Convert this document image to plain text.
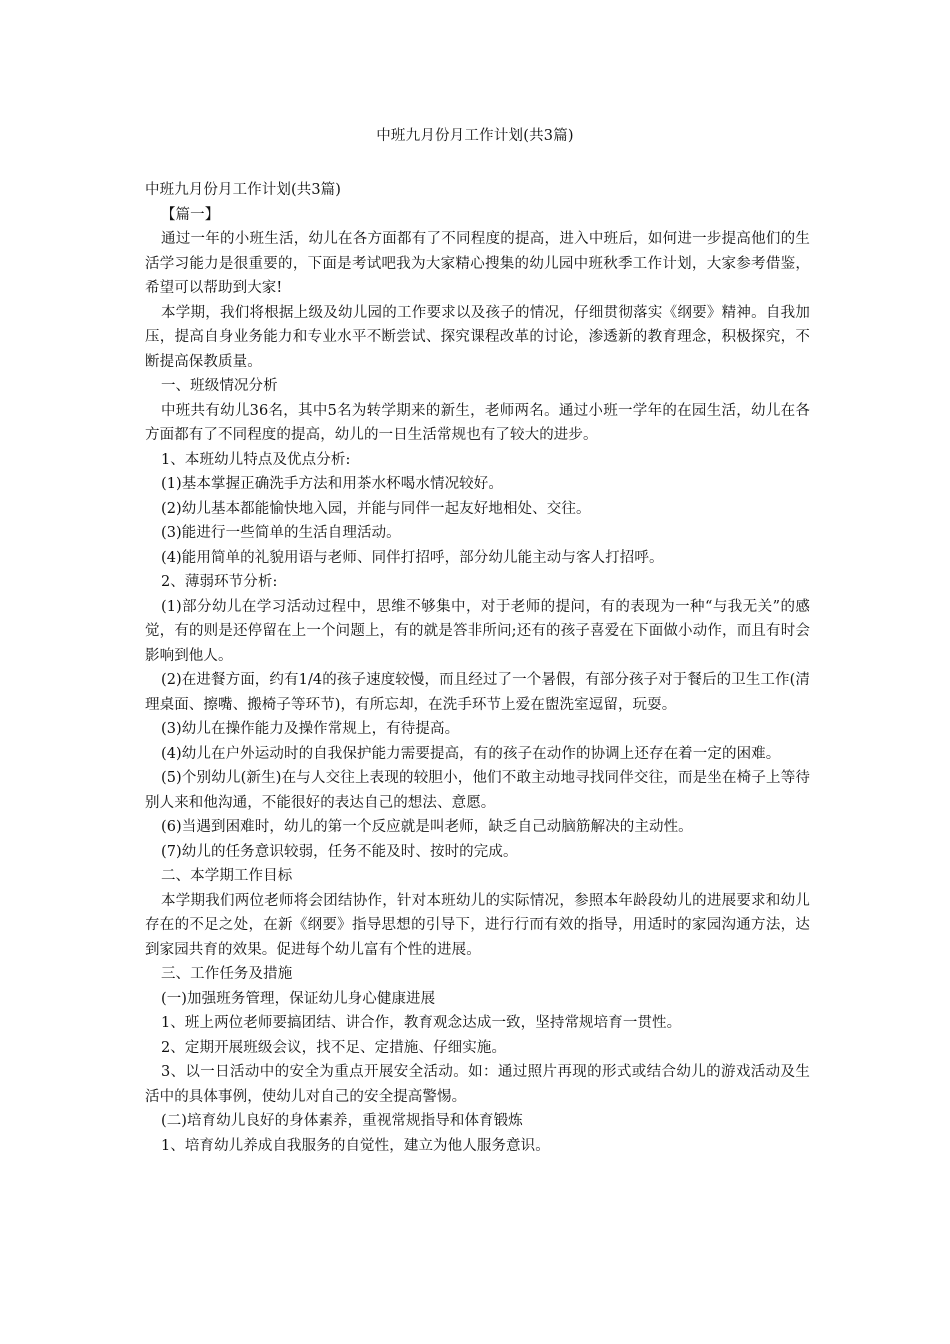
中班九月份月工作计划(共3篇)

中班九月份月工作计划(共3篇)

【篇一】

通过一年的小班生活，幼儿在各方面都有了不同程度的提高，进入中班后，如何进一步提高他们的生活学习能力是很重要的，下面是考试吧我为大家精心搜集的幼儿园中班秋季工作计划，大家参考借鉴，希望可以帮助到大家!

本学期，我们将根据上级及幼儿园的工作要求以及孩子的情况，仔细贯彻落实《纲要》精神。自我加压，提高自身业务能力和专业水平不断尝试、探究课程改革的讨论，渗透新的教育理念，积极探究，不断提高保教质量。

一、班级情况分析

中班共有幼儿36名，其中5名为转学期来的新生，老师两名。通过小班一学年的在园生活，幼儿在各方面都有了不同程度的提高，幼儿的一日生活常规也有了较大的进步。

1、本班幼儿特点及优点分析:

(1)基本掌握正确洗手方法和用茶水杯喝水情况较好。

(2)幼儿基本都能愉快地入园，并能与同伴一起友好地相处、交往。

(3)能进行一些简单的生活自理活动。

(4)能用简单的礼貌用语与老师、同伴打招呼，部分幼儿能主动与客人打招呼。

2、薄弱环节分析:

(1)部分幼儿在学习活动过程中，思维不够集中，对于老师的提问，有的表现为一种“与我无关”的感觉，有的则是还停留在上一个问题上，有的就是答非所问;还有的孩子喜爱在下面做小动作，而且有时会影响到他人。

(2)在进餐方面，约有1/4的孩子速度较慢，而且经过了一个暑假，有部分孩子对于餐后的卫生工作(清理桌面、擦嘴、搬椅子等环节)，有所忘却，在洗手环节上爱在盥洗室逗留，玩耍。

(3)幼儿在操作能力及操作常规上，有待提高。

(4)幼儿在户外运动时的自我保护能力需要提高，有的孩子在动作的协调上还存在着一定的困难。

(5)个别幼儿(新生)在与人交往上表现的较胆小，他们不敢主动地寻找同伴交往，而是坐在椅子上等待别人来和他沟通，不能很好的表达自己的想法、意愿。

(6)当遇到困难时，幼儿的第一个反应就是叫老师，缺乏自己动脑筋解决的主动性。

(7)幼儿的任务意识较弱，任务不能及时、按时的完成。

二、本学期工作目标

本学期我们两位老师将会团结协作，针对本班幼儿的实际情况，参照本年龄段幼儿的进展要求和幼儿存在的不足之处，在新《纲要》指导思想的引导下，进行行而有效的指导，用适时的家园沟通方法，达到家园共育的效果。促进每个幼儿富有个性的进展。

三、工作任务及措施

(一)加强班务管理，保证幼儿身心健康进展

1、班上两位老师要搞团结、讲合作，教育观念达成一致，坚持常规培育一贯性。

2、定期开展班级会议，找不足、定措施、仔细实施。

3、以一日活动中的安全为重点开展安全活动。如：通过照片再现的形式或结合幼儿的游戏活动及生活中的具体事例，使幼儿对自己的安全提高警惕。

(二)培育幼儿良好的身体素养，重视常规指导和体育锻炼

1、培育幼儿养成自我服务的自觉性，建立为他人服务意识。
